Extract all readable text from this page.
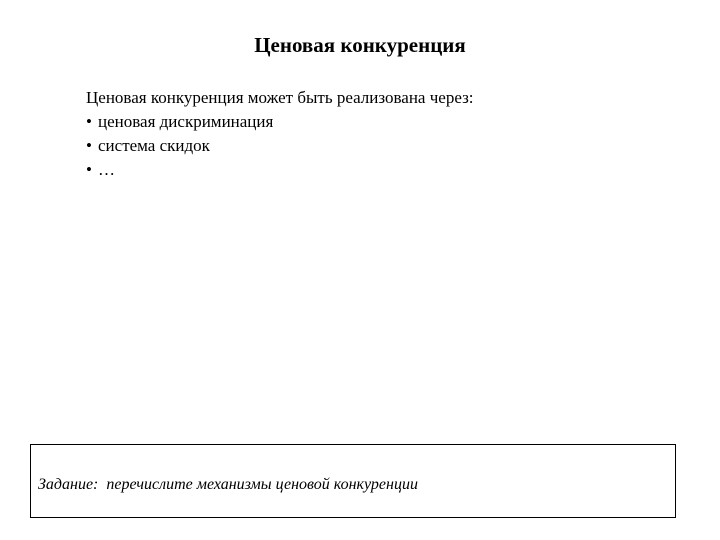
Ценовая конкуренция

Ценовая конкуренция может быть реализована через:

• ценовая дискриминация
• система скидок
• …
Задание: перечислите механизмы ценовой конкуренции
